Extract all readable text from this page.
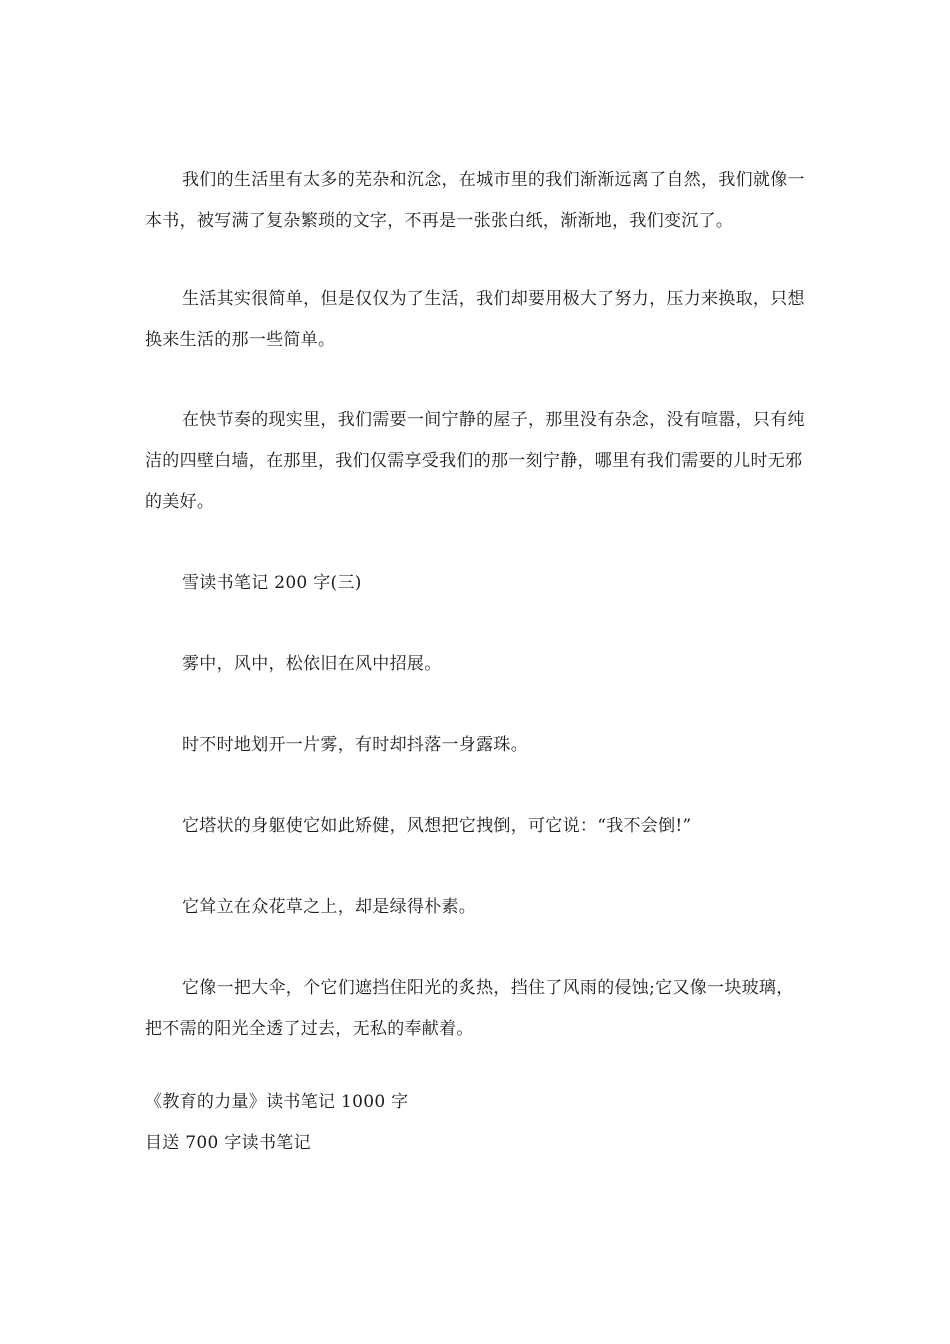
我们的生活里有太多的芜杂和沉念，在城市里的我们渐渐远离了自然，我们就像一本书，被写满了复杂繁琐的文字，不再是一张张白纸，渐渐地，我们变沉了。

生活其实很简单，但是仅仅为了生活，我们却要用极大了努力，压力来换取，只想换来生活的那一些简单。

在快节奏的现实里，我们需要一间宁静的屋子，那里没有杂念，没有喧嚣，只有纯洁的四壁白墙，在那里，我们仅需享受我们的那一刻宁静，哪里有我们需要的儿时无邪的美好。

雪读书笔记 200 字(三)

雾中，风中，松依旧在风中招展。

时不时地划开一片雾，有时却抖落一身露珠。

它塔状的身躯使它如此矫健，风想把它拽倒，可它说：“我不会倒!”

它耸立在众花草之上，却是绿得朴素。

它像一把大伞，个它们遮挡住阳光的炙热，挡住了风雨的侵蚀;它又像一块玻璃，把不需的阳光全透了过去，无私的奉献着。

《教育的力量》读书笔记 1000 字

目送 700 字读书笔记
